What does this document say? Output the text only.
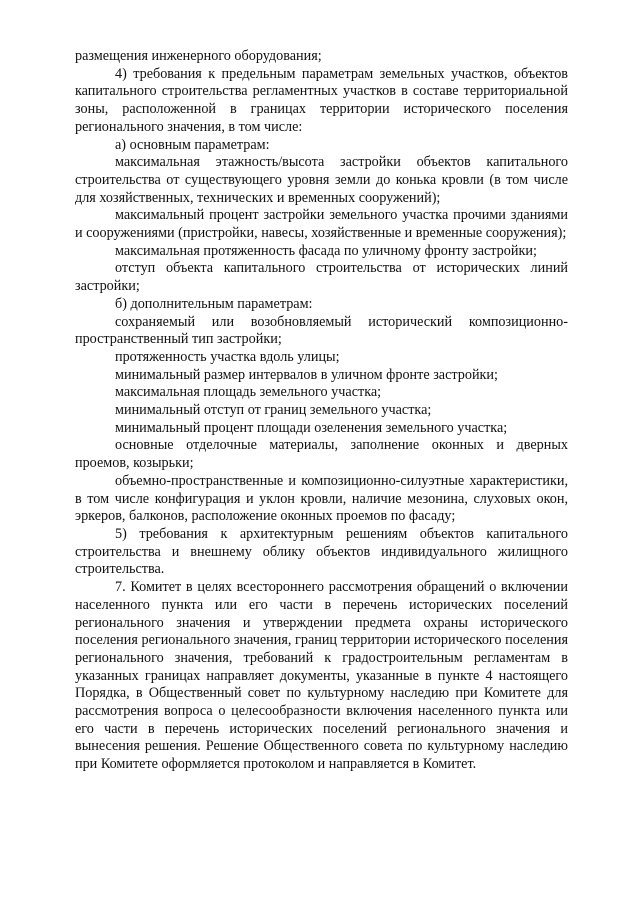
размещения инженерного оборудования;

4) требования к предельным параметрам земельных участков, объектов капитального строительства регламентных участков в составе территориальной зоны, расположенной в границах территории исторического поселения регионального значения, в том числе:

а) основным параметрам:

максимальная этажность/высота застройки объектов капитального строительства от существующего уровня земли до конька кровли (в том числе для хозяйственных, технических и временных сооружений);

максимальный процент застройки земельного участка прочими зданиями и сооружениями (пристройки, навесы, хозяйственные и временные сооружения);

максимальная протяженность фасада по уличному фронту застройки;

отступ объекта капитального строительства от исторических линий застройки;

б) дополнительным параметрам:

сохраняемый или возобновляемый исторический композиционно-пространственный тип застройки;

протяженность участка вдоль улицы;

минимальный размер интервалов в уличном фронте застройки;

максимальная площадь земельного участка;

минимальный отступ от границ земельного участка;

минимальный процент площади озеленения земельного участка;

основные отделочные материалы, заполнение оконных и дверных проемов, козырьки;

объемно-пространственные и композиционно-силуэтные характеристики, в том числе конфигурация и уклон кровли, наличие мезонина, слуховых окон, эркеров, балконов, расположение оконных проемов по фасаду;

5) требования к архитектурным решениям объектов капитального строительства и внешнему облику объектов индивидуального жилищного строительства.

7. Комитет в целях всестороннего рассмотрения обращений о включении населенного пункта или его части в перечень исторических поселений регионального значения и утверждении предмета охраны исторического поселения регионального значения, границ территории исторического поселения регионального значения, требований к градостроительным регламентам в указанных границах направляет документы, указанные в пункте 4 настоящего Порядка, в Общественный совет по культурному наследию при Комитете для рассмотрения вопроса о целесообразности включения населенного пункта или его части в перечень исторических поселений регионального значения и вынесения решения. Решение Общественного совета по культурному наследию при Комитете оформляется протоколом и направляется в Комитет.
